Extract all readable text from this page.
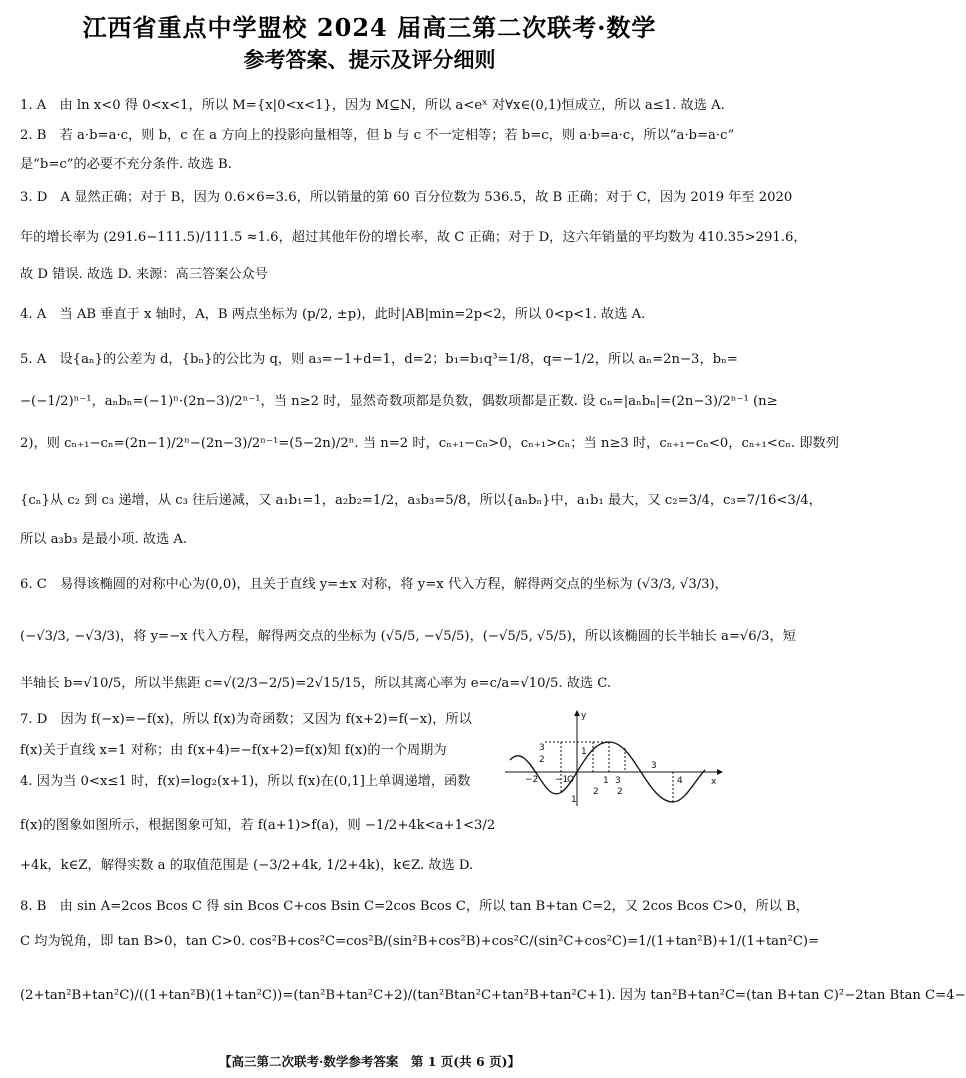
江西省重点中学盟校 2024 届高三第二次联考·数学
参考答案、提示及评分细则
1. A　由 ln x<0 得 0<x<1，所以 M={x|0<x<1}，因为 M⊆N，所以 a<eˣ 对∀x∈(0,1)恒成立，所以 a≤1. 故选 A.
2. B　若 a·b=a·c，则 b，c 在 a 方向上的投影向量相等，但 b 与 c 不一定相等；若 b=c，则 a·b=a·c，所以“a·b=a·c”
是“b=c”的必要不充分条件. 故选 B.
3. D　A 显然正确；对于 B，因为 0.6×6=3.6，所以销量的第 60 百分位数为 536.5，故 B 正确；对于 C，因为 2019 年至 2020
年的增长率为 (291.6−111.5)/111.5 ≈1.6，超过其他年份的增长率，故 C 正确；对于 D，这六年销量的平均数为 410.35>291.6，
故 D 错误. 故选 D. 来源：高三答案公众号
4. A　当 AB 垂直于 x 轴时，A，B 两点坐标为 (p/2, ±p)，此时|AB|min=2p<2，所以 0<p<1. 故选 A.
5. A　设{aₙ}的公差为 d，{bₙ}的公比为 q，则 a₃=−1+d=1，d=2；b₁=b₁q³=1/8，q=−1/2，所以 aₙ=2n−3，bₙ=
−(−1/2)ⁿ⁻¹，aₙbₙ=(−1)ⁿ·(2n−3)/2ⁿ⁻¹，当 n≥2 时，显然奇数项都是负数，偶数项都是正数. 设 cₙ=|aₙbₙ|=(2n−3)/2ⁿ⁻¹ (n≥
2)，则 cₙ₊₁−cₙ=(2n−1)/2ⁿ−(2n−3)/2ⁿ⁻¹=(5−2n)/2ⁿ. 当 n=2 时，cₙ₊₁−cₙ>0，cₙ₊₁>cₙ；当 n≥3 时，cₙ₊₁−cₙ<0，cₙ₊₁<cₙ. 即数列
{cₙ}从 c₂ 到 c₃ 递增，从 c₃ 往后递减，又 a₁b₁=1，a₂b₂=1/2，a₃b₃=5/8，所以{aₙbₙ}中，a₁b₁ 最大，又 c₂=3/4，c₃=7/16<3/4，
所以 a₃b₃ 是最小项. 故选 A.
6. C　易得该椭圆的对称中心为(0,0)，且关于直线 y=±x 对称，将 y=x 代入方程，解得两交点的坐标为 (√3/3, √3/3)，
(−√3/3, −√3/3)，将 y=−x 代入方程，解得两交点的坐标为 (√5/5, −√5/5)，(−√5/5, √5/5)，所以该椭圆的长半轴长 a=√6/3，短
半轴长 b=√10/5，所以半焦距 c=√(2/3−2/5)=2√15/15，所以其离心率为 e=c/a=√10/5. 故选 C.
7. D　因为 f(−x)=−f(x)，所以 f(x)为奇函数；又因为 f(x+2)=f(−x)，所以
f(x)关于直线 x=1 对称；由 f(x+4)=−f(x+2)=f(x)知 f(x)的一个周期为
4. 因为当 0<x≤1 时，f(x)=log₂(x+1)，所以 f(x)在(0,1]上单调递增，函数
f(x)的图象如图所示，根据图象可知，若 f(a+1)>f(a)，则 −1/2+4k<a+1<3/2
+4k，k∈Z，解得实数 a 的取值范围是 (−3/2+4k, 1/2+4k)，k∈Z. 故选 D.
8. B　由 sin A=2cos Bcos C 得 sin Bcos C+cos Bsin C=2cos Bcos C，所以 tan B+tan C=2，又 2cos Bcos C>0，所以 B，
C 均为锐角，即 tan B>0，tan C>0. cos²B+cos²C=cos²B/(sin²B+cos²B)+cos²C/(sin²C+cos²C)=1/(1+tan²B)+1/(1+tan²C)=
(2+tan²B+tan²C)/((1+tan²B)(1+tan²C))=(tan²B+tan²C+2)/(tan²Btan²C+tan²B+tan²C+1). 因为 tan²B+tan²C=(tan B+tan C)²−2tan Btan C=4−
y
x
3
2
−2 −1
O
1
1
3
1
2 2
3
4
【高三第二次联考·数学参考答案　第 1 页(共 6 页)】
